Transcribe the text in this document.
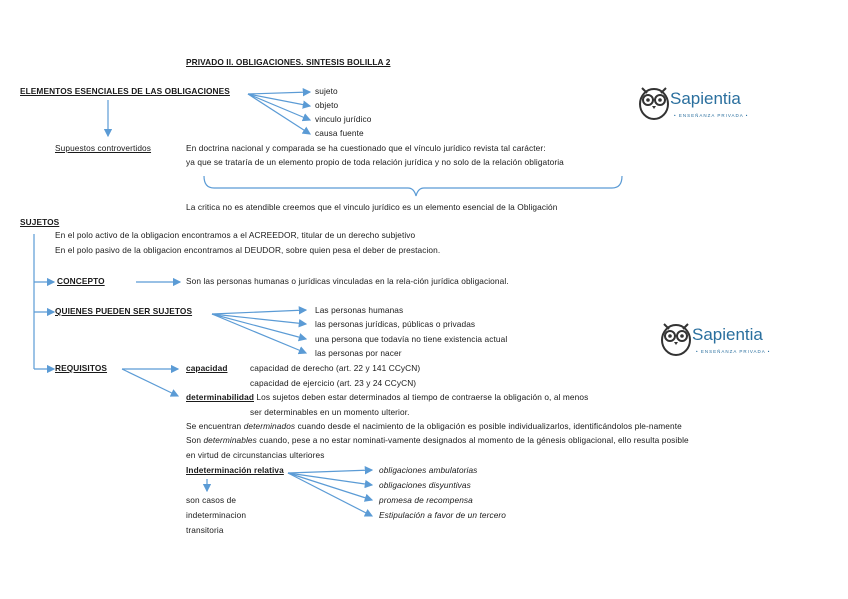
PRIVADO II. OBLIGACIONES. SINTESIS BOLILLA 2
Sapientia
• ENSEÑANZA PRIVADA •
Sapientia
• ENSEÑANZA PRIVADA •
ELEMENTOS ESENCIALES DE LAS OBLIGACIONES	sujeto
objeto
vinculo jurídico
causa fuente
Supuestos controvertidos	En doctrina nacional y comparada se ha cuestionado que el vínculo jurídico revista tal carácter:
ya que se trataría de un elemento propio de toda relación jurídica y no solo de la relación obligatoria
La critica no es atendible creemos que el vinculo jurídico es un elemento esencial de la Obligación
SUJETOS
En el polo activo de la obligacion encontramos a el ACREEDOR, titular de un derecho subjetivo
En el polo pasivo de la obligacion encontramos al DEUDOR, sobre quien pesa el deber de prestacion.
CONCEPTO	Son las personas humanas o jurídicas vinculadas en la rela-ción jurídica obligacional.
QUIENES PUEDEN SER SUJETOS	Las personas humanas
las personas jurídicas, públicas o privadas
una persona que todavía no tiene existencia actual
las personas por nacer
REQUISITOS	capacidad	capacidad de derecho (art. 22 y 141 CCyCN)
capacidad de ejercicio (art. 23 y 24 CCyCN)
determinabilidad Los sujetos deben estar determinados al tiempo de contraerse la obligación o, al menos
ser determinables en un momento ulterior.
Se encuentran determinados cuando desde el nacimiento de la obligación es posible individualizarlos, identificándolos ple-namente
Son determinables cuando, pese a no estar nominati-vamente designados al momento de la génesis obligacional, ello resulta posible
en virtud de circunstancias ulteriores
Indeterminación relativa	obligaciones ambulatorias
obligaciones disyuntivas
promesa de recompensa
Estipulación a favor de un tercero
son casos de
indeterminacion
transitoria
